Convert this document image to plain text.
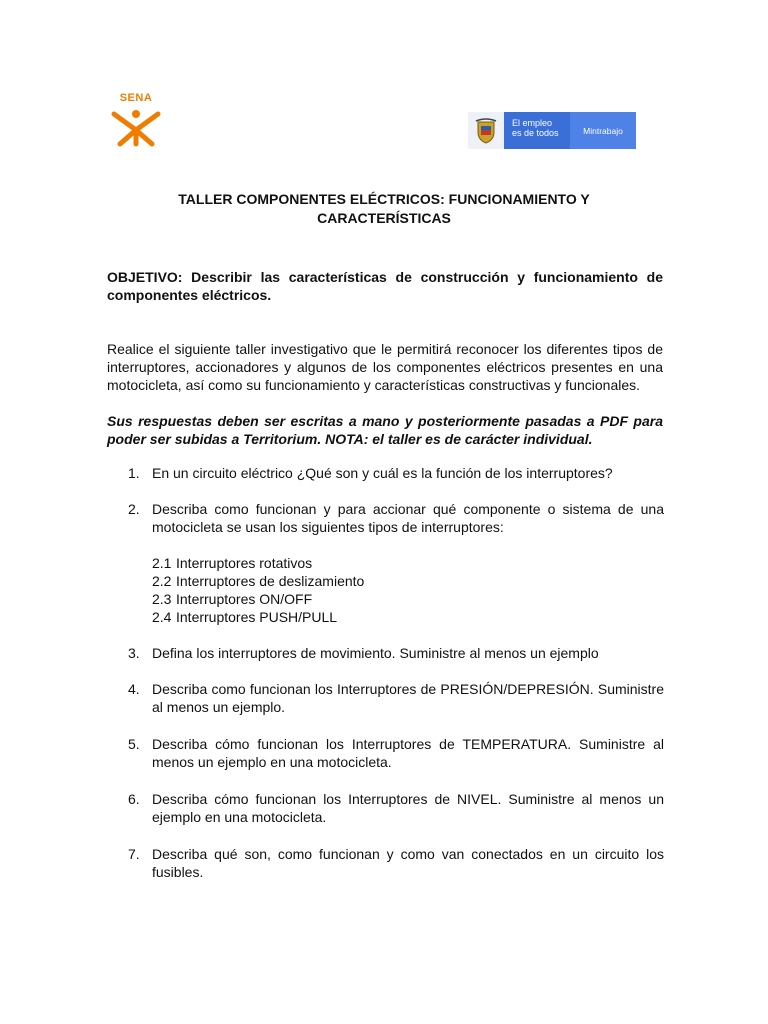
SENA
El empleo
es de todos	Mintrabajo
TALLER COMPONENTES ELÉCTRICOS: FUNCIONAMIENTO Y
CARACTERÍSTICAS
OBJETIVO: Describir las características de construcción y funcionamiento de componentes eléctricos.
Realice el siguiente taller investigativo que le permitirá reconocer los diferentes tipos de interruptores, accionadores y algunos de los componentes eléctricos presentes en una motocicleta, así como su funcionamiento y características constructivas y funcionales.
Sus respuestas deben ser escritas a mano y posteriormente pasadas a PDF para poder ser subidas a Territorium. NOTA: el taller es de carácter individual.
1. En un circuito eléctrico ¿Qué son y cuál es la función de los interruptores?
2. Describa como funcionan y para accionar qué componente o sistema de una motocicleta se usan los siguientes tipos de interruptores:
2.1 Interruptores rotativos
2.2 Interruptores de deslizamiento
2.3 Interruptores ON/OFF
2.4 Interruptores PUSH/PULL
3. Defina los interruptores de movimiento. Suministre al menos un ejemplo
4. Describa como funcionan los Interruptores de PRESIÓN/DEPRESIÓN. Suministre al menos un ejemplo.
5. Describa cómo funcionan los Interruptores de TEMPERATURA. Suministre al menos un ejemplo en una motocicleta.
6. Describa cómo funcionan los Interruptores de NIVEL. Suministre al menos un ejemplo en una motocicleta.
7. Describa qué son, como funcionan y como van conectados en un circuito los fusibles.
